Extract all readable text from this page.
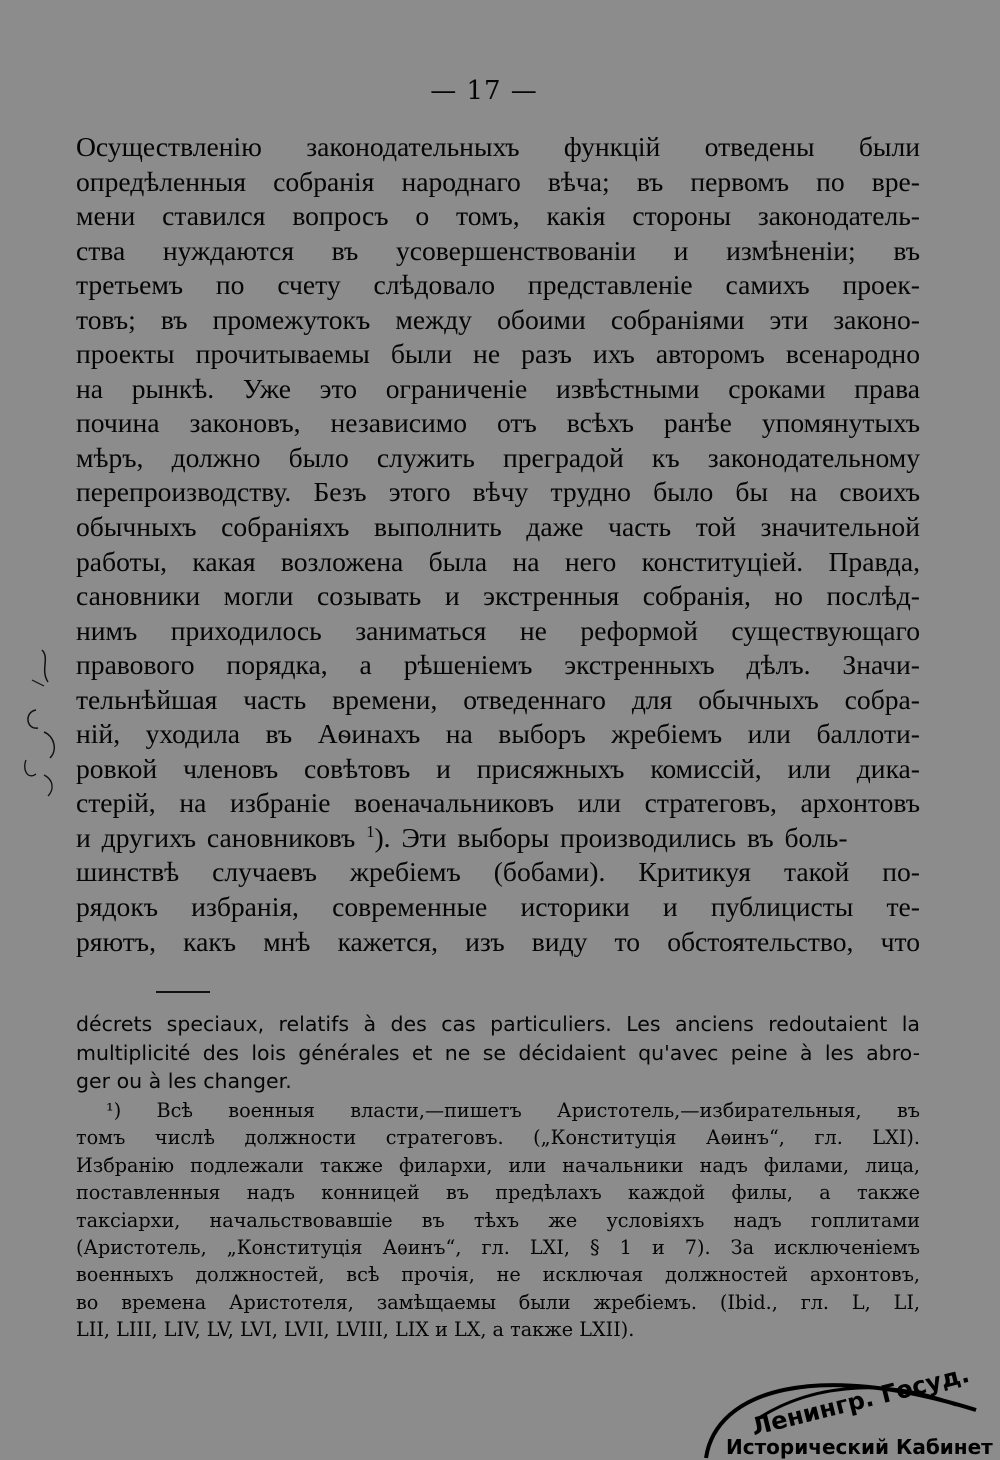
— 17 —
Осуществленію законодательныхъ функцій отведены были
опредѣленныя собранія народнаго вѣча; въ первомъ по вре-
мени ставился вопросъ о томъ, какія стороны законодатель-
ства нуждаются въ усовершенствованіи и измѣненіи; въ
третьемъ по счету слѣдовало представленіе самихъ проек-
товъ; въ промежутокъ между обоими собраніями эти законо-
проекты прочитываемы были не разъ ихъ авторомъ всенародно
на рынкѣ. Уже это ограниченіе извѣстными сроками права
почина законовъ, независимо отъ всѣхъ ранѣе упомянутыхъ
мѣръ, должно было служить преградой къ законодательному
перепроизводству. Безъ этого вѣчу трудно было бы на своихъ
обычныхъ собраніяхъ выполнить даже часть той значительной
работы, какая возложена была на него конституціей. Правда,
сановники могли созывать и экстренныя собранія, но послѣд-
нимъ приходилось заниматься не реформой существующаго
правового порядка, а рѣшеніемъ экстренныхъ дѣлъ. Значи-
тельнѣйшая часть времени, отведеннаго для обычныхъ собра-
ній, уходила въ Аѳинахъ на выборъ жребіемъ или баллоти-
ровкой членовъ совѣтовъ и присяжныхъ комиссій, или дика-
стерій, на избраніе военачальниковъ или стратеговъ, архонтовъ
и другихъ сановниковъ $^1$). Эти выборы производились въ боль-
шинствѣ случаевъ жребіемъ (бобами). Критикуя такой по-
рядокъ избранія, современные историки и публицисты те-
ряютъ, какъ мнѣ кажется, изъ виду то обстоятельство, что
décrets speciaux, relatifs à des cas particuliers. Les anciens redoutaient la
multiplicité des lois générales et ne se décidaient qu'avec peine à les abro-
ger ou à les changer.
¹) Всѣ военныя власти,—пишетъ Аристотель,—избирательныя, въ
томъ числѣ должности стратеговъ. („Конституція Аѳинъ“, гл. LXI).
Избранію подлежали также филархи, или начальники надъ филами, лица,
поставленныя надъ конницей въ предѣлахъ каждой филы, а также
таксіархи, начальствовавшіе въ тѣхъ же условіяхъ надъ гоплитами
(Аристотель, „Конституція Аѳинъ“, гл. LXI, § 1 и 7). За исключеніемъ
военныхъ должностей, всѣ прочія, не исключая должностей архонтовъ,
во времена Аристотеля, замѣщаемы были жребіемъ. (Ibid., гл. L, LI,
LII, LIII, LIV, LV, LVI, LVII, LVIII, LIX и LX, а также LXII).
Ленингр. Госуд.
Исторический Кабинет
